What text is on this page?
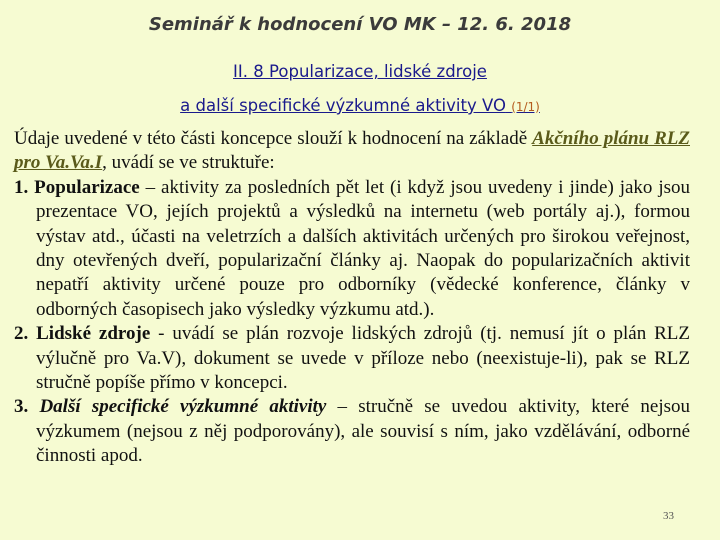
Seminář k hodnocení VO MK – 12. 6. 2018
II. 8 Popularizace, lidské zdroje
a další specifické výzkumné aktivity VO (1/1)

Údaje uvedené v této části koncepce slouží k hodnocení na základě Akčního plánu RLZ pro Va.Va.I, uvádí se ve struktuře:

1. Popularizace – aktivity za posledních pět let (i když jsou uvedeny i jinde) jako jsou prezentace VO, jejích projektů a výsledků na internetu (web portály aj.), formou výstav atd., účasti na veletrzích a dalších aktivitách určených pro širokou veřejnost, dny otevřených dveří, popularizační články aj. Naopak do popularizačních aktivit nepatří aktivity určené pouze pro odborníky (vědecké konference, články v odborných časopisech jako výsledky výzkumu atd.).

2. Lidské zdroje - uvádí se plán rozvoje lidských zdrojů (tj. nemusí jít o plán RLZ výlučně pro Va.V), dokument se uvede v příloze nebo (neexistuje-li), pak se RLZ stručně popíše přímo v koncepci.

3. Další specifické výzkumné aktivity – stručně se uvedou aktivity, které nejsou výzkumem (nejsou z něj podporovány), ale souvisí s ním, jako vzdělávání, odborné činnosti apod.

33
